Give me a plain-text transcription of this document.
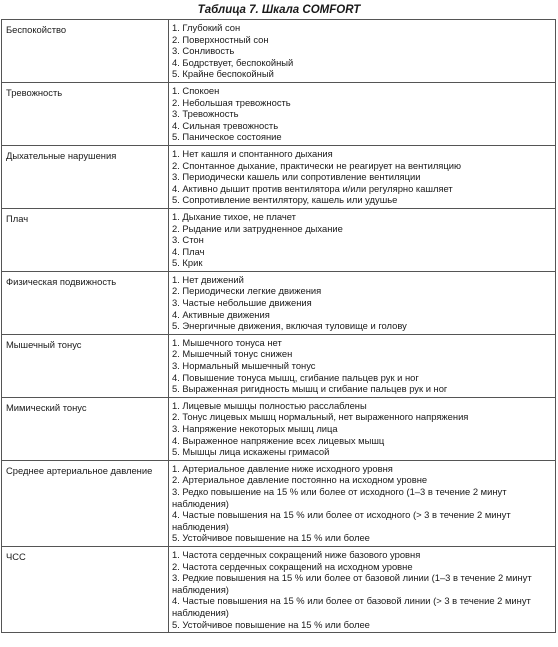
Таблица 7. Шкала COMFORT
Беспокойство	1. Глубокий сон
2. Поверхностный сон
3. Сонливость
4. Бодрствует, беспокойный
5. Крайне беспокойный

Тревожность	1. Спокоен
2. Небольшая тревожность
3. Тревожность
4. Сильная тревожность
5. Паническое состояние

Дыхательные нарушения	1. Нет кашля и спонтанного дыхания
2. Спонтанное дыхание, практически не реагирует на вентиляцию
3. Периодически кашель или сопротивление вентиляции
4. Активно дышит против вентилятора и/или регулярно кашляет
5. Сопротивление вентилятору, кашель или удушье

Плач	1. Дыхание тихое, не плачет
2. Рыдание или затрудненное дыхание
3. Стон
4. Плач
5. Крик

Физическая подвижность	1. Нет движений
2. Периодически легкие движения
3. Частые небольшие движения
4. Активные движения
5. Энергичные движения, включая туловище и голову

Мышечный тонус	1. Мышечного тонуса нет
2. Мышечный тонус снижен
3. Нормальный мышечный тонус
4. Повышение тонуса мышц, сгибание пальцев рук и ног
5. Выраженная ригидность мышц и сгибание пальцев рук и ног

Мимический тонус	1. Лицевые мышцы полностью расслаблены
2. Тонус лицевых мышц нормальный, нет выраженного напряжения
3. Напряжение некоторых мышц лица
4. Выраженное напряжение всех лицевых мышц
5. Мышцы лица искажены гримасой

Среднее артериальное давление	1. Артериальное давление ниже исходного уровня
2. Артериальное давление постоянно на исходном уровне
3. Редко повышение на 15 % или более от исходного (1–3 в течение 2 минут наблюдения)
4. Частые повышения на 15 % или более от исходного (> 3 в течение 2 минут наблюдения)
5. Устойчивое повышение на 15 % или более

ЧСС	1. Частота сердечных сокращений ниже базового уровня
2. Частота сердечных сокращений на исходном уровне
3. Редкие повышения на 15 % или более от базовой линии (1–3 в течение 2 минут наблюдения)
4. Частые повышения на 15 % или более от базовой линии (> 3 в течение 2 минут наблюдения)
5. Устойчивое повышение на 15 % или более
